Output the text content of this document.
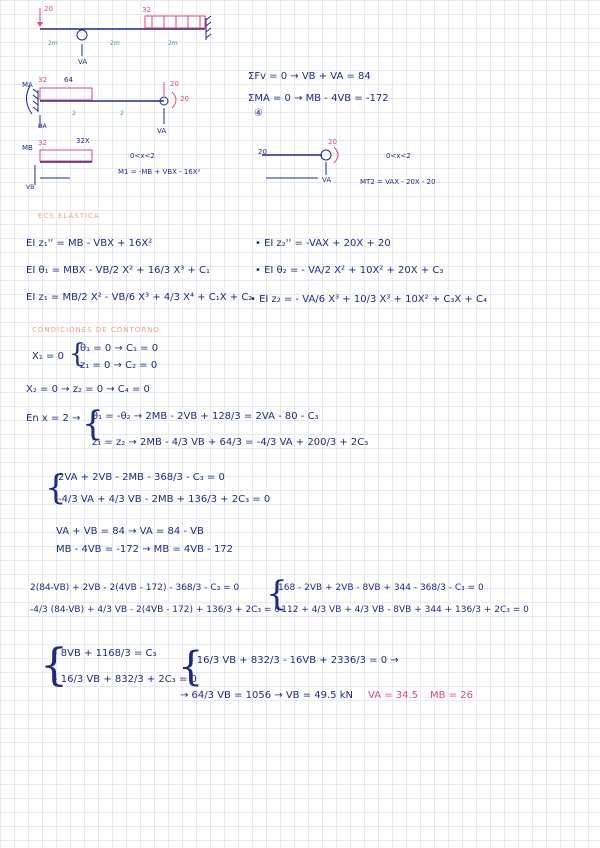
20	32
2m	2m	2m
VA
MA
32 64	20
20
HA
2	2
VA
MB
32	32X
VB
0<x<2
M1 = -MB + VBX - 16X²
20
20
VA
0<x<2
MT2 = VAX - 20X - 20
ΣFv = 0 → VB + VA = 84
ΣMA = 0 → MB - 4VB = -172
④
ECS ELÁSTICA
EI z₁'' = MB - VBX + 16X²
EI θ₁ = MBX - VB/2 X² + 16/3 X³ + C₁
EI z₁ = MB/2 X² - VB/6 X³ + 4/3 X⁴ + C₁X + C₂
• EI z₂'' = -VAX + 20X + 20
• EI θ₂ = - VA/2 X² + 10X² + 20X + C₃
• EI z₂ = - VA/6 X³ + 10/3 X³ + 10X² + C₃X + C₄
CONDICIONES DE CONTORNO
X₁ = 0 {
θ₁ = 0 → C₁ = 0
z₁ = 0 → C₂ = 0
X₂ = 0 → z₂ = 0 → C₄ = 0
En x = 2 → {
θ₁ = -θ₂ → 2MB - 2VB + 128/3 = 2VA - 80 - C₃
z₁ = z₂ → 2MB - 4/3 VB + 64/3 = -4/3 VA + 200/3 + 2C₃
{
2VA + 2VB - 2MB - 368/3 - C₃ = 0
-4/3 VA + 4/3 VB - 2MB + 136/3 + 2C₃ = 0
VA + VB = 84 → VA = 84 - VB
MB - 4VB = -172 → MB = 4VB - 172
2(84-VB) + 2VB - 2(4VB - 172) - 368/3 - C₃ = 0
-4/3 (84-VB) + 4/3 VB - 2(4VB - 172) + 136/3 + 2C₃ = 0
{
168 - 2VB + 2VB - 8VB + 344 - 368/3 - C₃ = 0
-112 + 4/3 VB + 4/3 VB - 8VB + 344 + 136/3 + 2C₃ = 0
{
- 8VB + 1168/3 = C₃
- 16/3 VB + 832/3 + 2C₃ = 0
{
- 16/3 VB + 832/3 - 16VB + 2336/3 = 0 →
→ 64/3 VB = 1056 → VB = 49.5 kN VA = 34.5 MB = 26
